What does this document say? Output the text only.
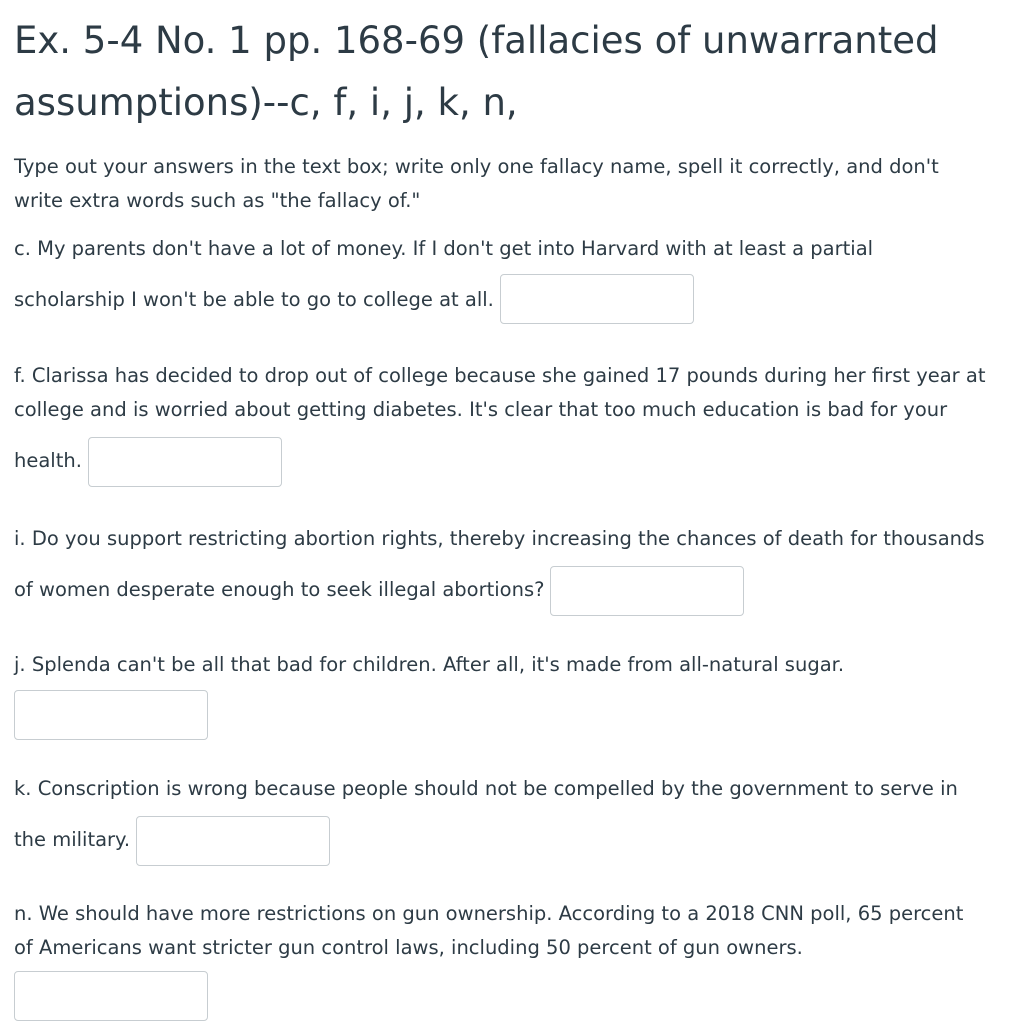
Ex. 5-4 No. 1 pp. 168-69 (fallacies of unwarranted
assumptions)--c, f, i, j, k, n,
Type out your answers in the text box; write only one fallacy name, spell it correctly, and don't
write extra words such as "the fallacy of."
c. My parents don't have a lot of money. If I don't get into Harvard with at least a partial
scholarship I won't be able to go to college at all.
f. Clarissa has decided to drop out of college because she gained 17 pounds during her first year at
college and is worried about getting diabetes. It's clear that too much education is bad for your
health.
i. Do you support restricting abortion rights, thereby increasing the chances of death for thousands
of women desperate enough to seek illegal abortions?
j. Splenda can't be all that bad for children. After all, it's made from all-natural sugar.
k. Conscription is wrong because people should not be compelled by the government to serve in
the military.
n. We should have more restrictions on gun ownership. According to a 2018 CNN poll, 65 percent
of Americans want stricter gun control laws, including 50 percent of gun owners.
